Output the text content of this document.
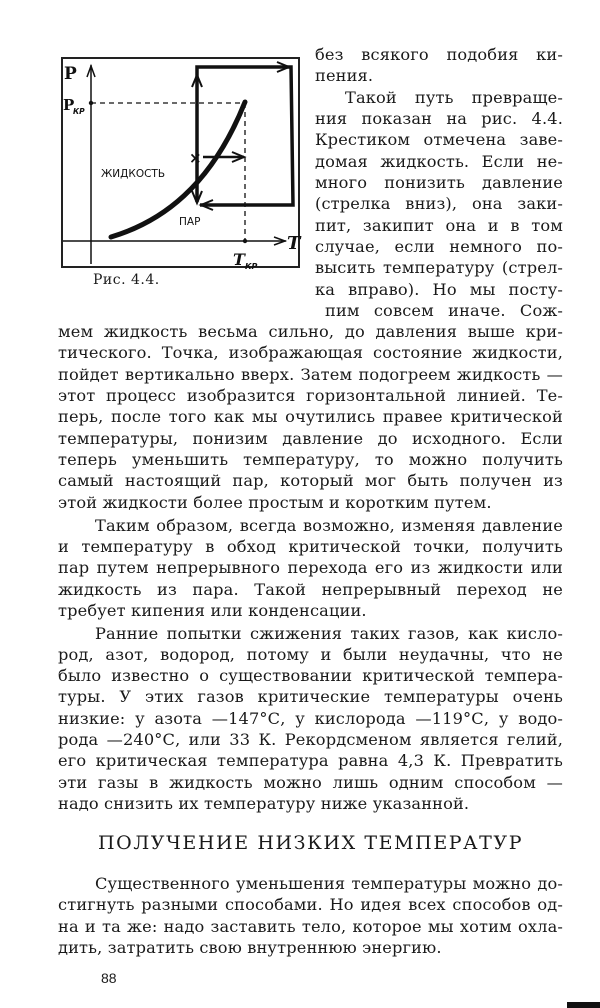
P
P
КР
T
T КР
ЖИДКОСТЬ
ПАР
×
Рис. 4.4.
без всякого подобия ки-
пения.
Такой путь превраще-
ния показан на рис. 4.4.
Крестиком отмечена заве-
домая жидкость. Если не-
много понизить давление
(стрелка вниз), она заки-
пит, закипит она и в том
случае, если немного по-
высить температуру (стрел-
ка вправо). Но мы посту-
пим совсем иначе. Сож-
мем жидкость весьма сильно, до давления выше кри-
тического. Точка, изображающая состояние жидкости,
пойдет вертикально вверх. Затем подогреем жидкость —
этот процесс изобразится горизонтальной линией. Те-
перь, после того как мы очутились правее критической
температуры, понизим давление до исходного. Если
теперь уменьшить температуру, то можно получить
самый настоящий пар, который мог быть получен из
этой жидкости более простым и коротким путем.
Таким образом, всегда возможно, изменяя давление
и температуру в обход критической точки, получить
пар путем непрерывного перехода его из жидкости или
жидкость из пара. Такой непрерывный переход не
требует кипения или конденсации.
Ранние попытки сжижения таких газов, как кисло-
род, азот, водород, потому и были неудачны, что не
было известно о существовании критической темпера-
туры. У этих газов критические температуры очень
низкие: у азота —147°С, у кислорода —119°С, у водо-
рода —240°С, или 33 К. Рекордсменом является гелий,
его критическая температура равна 4,3 К. Превратить
эти газы в жидкость можно лишь одним способом —
надо снизить их температуру ниже указанной.
ПОЛУЧЕНИЕ НИЗКИХ ТЕМПЕРАТУР
Существенного уменьшения температуры можно до-
стигнуть разными способами. Но идея всех способов од-
на и та же: надо заставить тело, которое мы хотим охла-
дить, затратить свою внутреннюю энергию.
88
